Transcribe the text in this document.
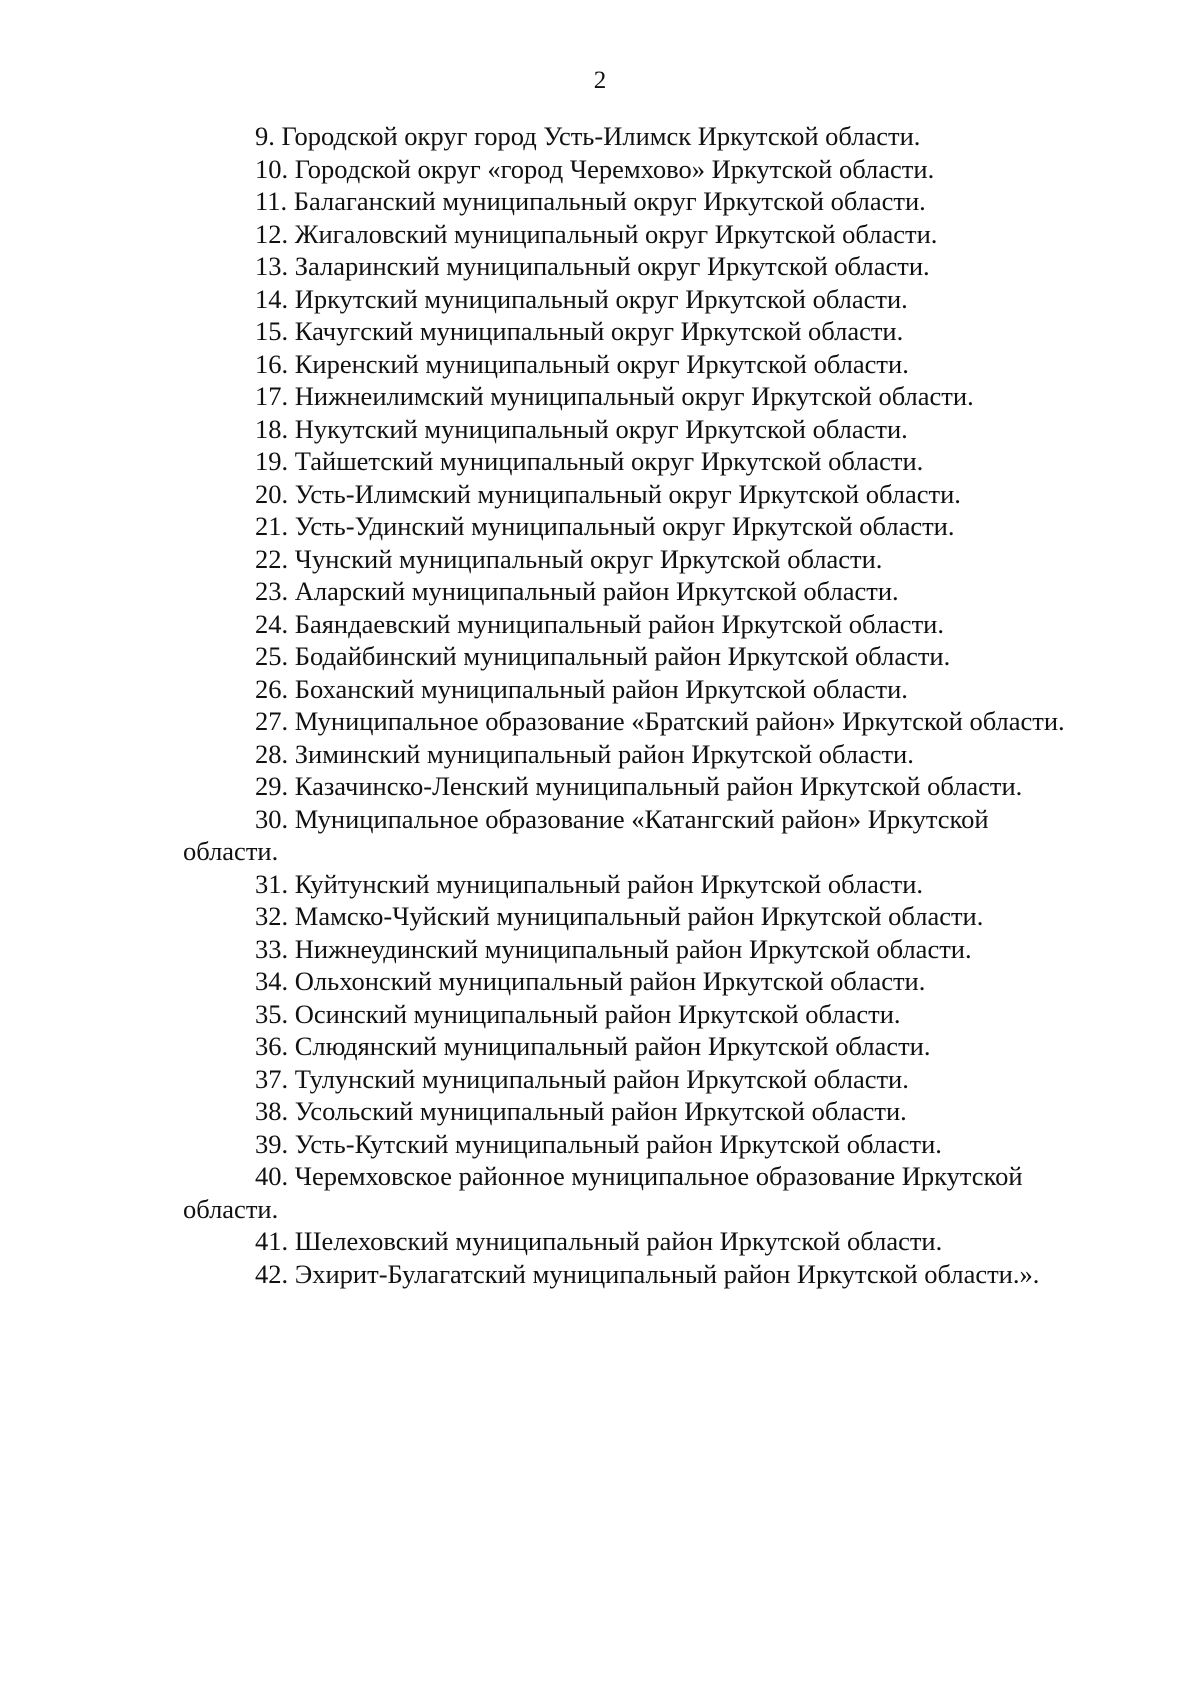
2
9. Городской округ город Усть-Илимск Иркутской области.
10. Городской округ «город Черемхово» Иркутской области.
11. Балаганский муниципальный округ Иркутской области.
12. Жигаловский муниципальный округ Иркутской области.
13. Заларинский муниципальный округ Иркутской области.
14. Иркутский муниципальный округ Иркутской области.
15. Качугский муниципальный округ Иркутской области.
16. Киренский муниципальный округ Иркутской области.
17. Нижнеилимский муниципальный округ Иркутской области.
18. Нукутский муниципальный округ Иркутской области.
19. Тайшетский муниципальный округ Иркутской области.
20. Усть-Илимский муниципальный округ Иркутской области.
21. Усть-Удинский муниципальный округ Иркутской области.
22. Чунский муниципальный округ Иркутской области.
23. Аларский муниципальный район Иркутской области.
24. Баяндаевский муниципальный район Иркутской области.
25. Бодайбинский муниципальный район Иркутской области.
26. Боханский муниципальный район Иркутской области.
27. Муниципальное образование «Братский район» Иркутской области.
28. Зиминский муниципальный район Иркутской области.
29. Казачинско-Ленский муниципальный район Иркутской области.
30. Муниципальное образование «Катангский район» Иркутской области.
31. Куйтунский муниципальный район Иркутской области.
32. Мамско-Чуйский муниципальный район Иркутской области.
33. Нижнеудинский муниципальный район Иркутской области.
34. Ольхонский муниципальный район Иркутской области.
35. Осинский муниципальный район Иркутской области.
36. Слюдянский муниципальный район Иркутской области.
37. Тулунский муниципальный район Иркутской области.
38. Усольский муниципальный район Иркутской области.
39. Усть-Кутский муниципальный район Иркутской области.
40. Черемховское районное муниципальное образование Иркутской области.
41. Шелеховский муниципальный район Иркутской области.
42. Эхирит-Булагатский муниципальный район Иркутской области.».
